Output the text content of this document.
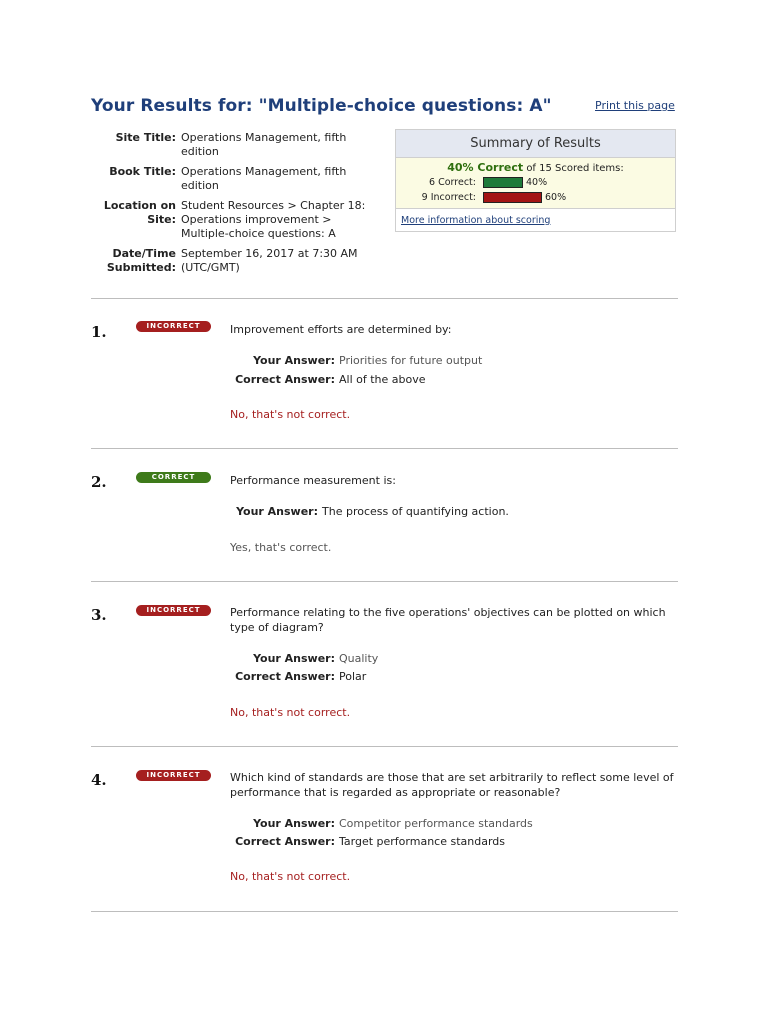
Your Results for: "Multiple-choice questions: A"	Print this page
Site Title:	Operations Management, fifth edition
Book Title:	Operations Management, fifth edition
Location on Site:	Student Resources > Chapter 18: Operations improvement > Multiple-choice questions: A
Date/Time Submitted:	September 16, 2017 at 7:30 AM (UTC/GMT)
Summary of Results
40% Correct of 15 Scored items:
6 Correct:	40%
9 Incorrect:	60%
More information about scoring
1.	INCORRECT	Improvement efforts are determined by:
Your Answer: Priorities for future output
Correct Answer: All of the above
No, that's not correct.
2.	CORRECT	Performance measurement is:
Your Answer: The process of quantifying action.
Yes, that's correct.
3.	INCORRECT	Performance relating to the five operations' objectives can be plotted on which type of diagram?
Your Answer: Quality
Correct Answer: Polar
No, that's not correct.
4.	INCORRECT	Which kind of standards are those that are set arbitrarily to reflect some level of performance that is regarded as appropriate or reasonable?
Your Answer: Competitor performance standards
Correct Answer: Target performance standards
No, that's not correct.
